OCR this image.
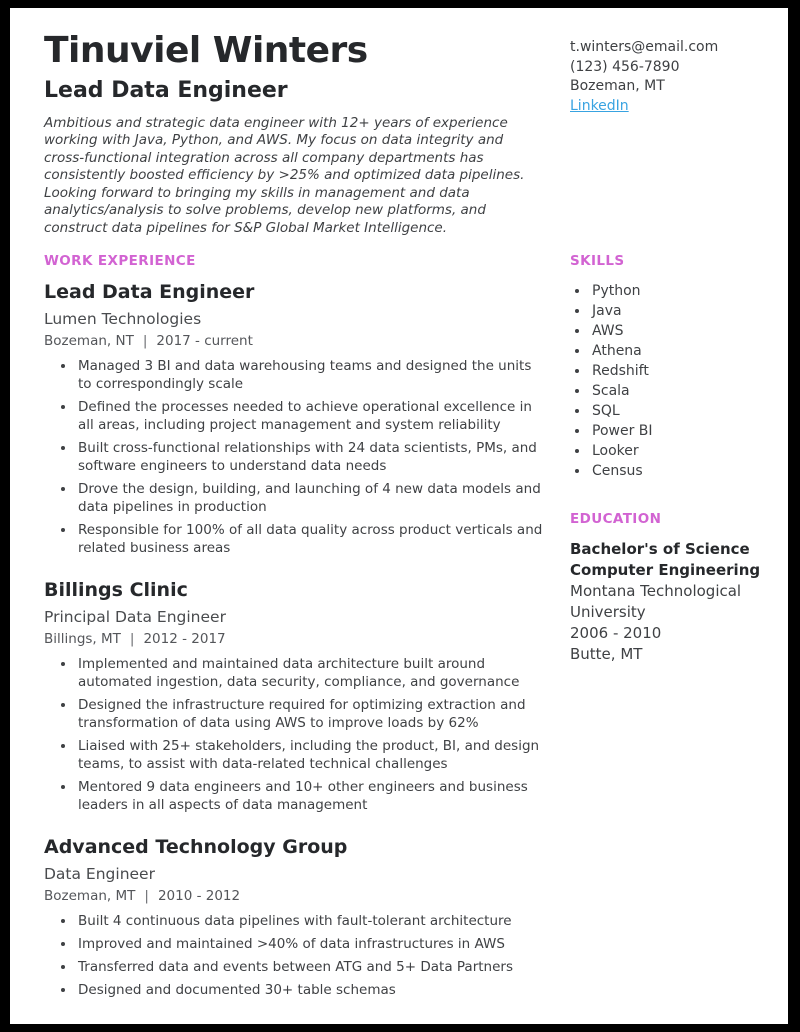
Tinuviel Winters
Lead Data Engineer
Ambitious and strategic data engineer with 12+ years of experience working with Java, Python, and AWS. My focus on data integrity and cross-functional integration across all company departments has consistently boosted efficiency by >25% and optimized data pipelines. Looking forward to bringing my skills in management and data analytics/analysis to solve problems, develop new platforms, and construct data pipelines for S&P Global Market Intelligence.
t.winters@email.com
(123) 456-7890
Bozeman, MT
LinkedIn
WORK EXPERIENCE
Lead Data Engineer
Lumen Technologies
Bozeman, NT | 2017 - current
• Managed 3 BI and data warehousing teams and designed the units to correspondingly scale
• Defined the processes needed to achieve operational excellence in all areas, including project management and system reliability
• Built cross-functional relationships with 24 data scientists, PMs, and software engineers to understand data needs
• Drove the design, building, and launching of 4 new data models and data pipelines in production
• Responsible for 100% of all data quality across product verticals and related business areas
Billings Clinic
Principal Data Engineer
Billings, MT | 2012 - 2017
• Implemented and maintained data architecture built around automated ingestion, data security, compliance, and governance
• Designed the infrastructure required for optimizing extraction and transformation of data using AWS to improve loads by 62%
• Liaised with 25+ stakeholders, including the product, BI, and design teams, to assist with data-related technical challenges
• Mentored 9 data engineers and 10+ other engineers and business leaders in all aspects of data management
Advanced Technology Group
Data Engineer
Bozeman, MT | 2010 - 2012
• Built 4 continuous data pipelines with fault-tolerant architecture
• Improved and maintained >40% of data infrastructures in AWS
• Transferred data and events between ATG and 5+ Data Partners
• Designed and documented 30+ table schemas
SKILLS
• Python
• Java
• AWS
• Athena
• Redshift
• Scala
• SQL
• Power BI
• Looker
• Census
EDUCATION
Bachelor's of Science
Computer Engineering
Montana Technological
University
2006 - 2010
Butte, MT
